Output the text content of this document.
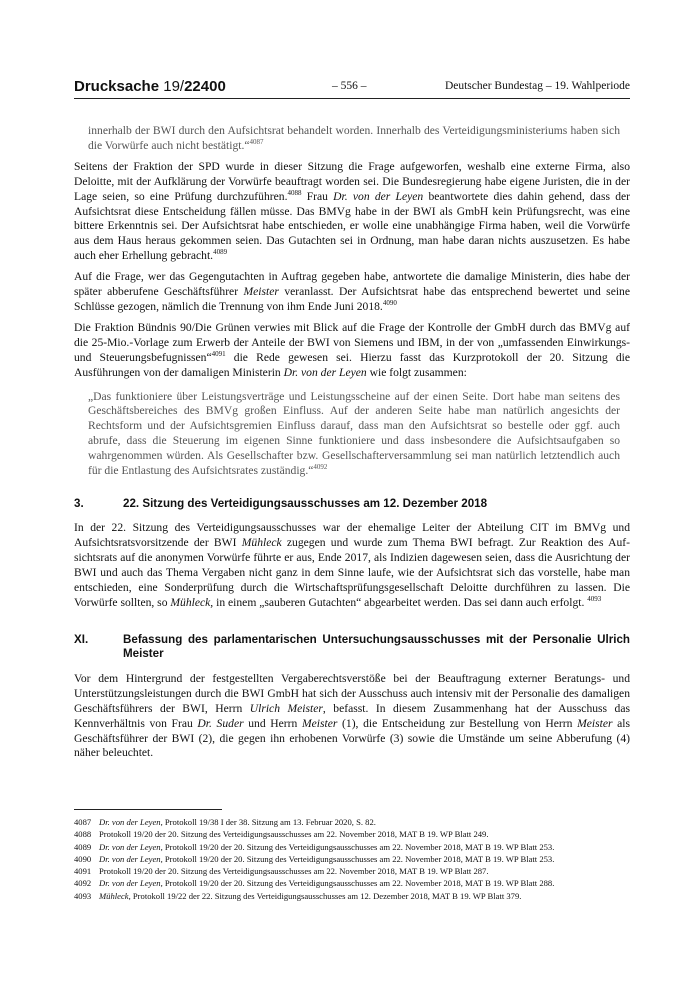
Drucksache 19/22400	– 556 –	Deutscher Bundestag – 19. Wahlperiode

innerhalb der BWI durch den Aufsichtsrat behandelt worden. Innerhalb des Verteidigungsministeriums haben sich die Vorwürfe auch nicht bestätigt.“$^{4087}$

Seitens der Fraktion der SPD wurde in dieser Sitzung die Frage aufgeworfen, weshalb eine externe Firma, also Deloitte, mit der Aufklärung der Vorwürfe beauftragt worden sei. Die Bundesregierung habe eigene Juristen, die in der Lage seien, so eine Prüfung durchzuführen.$^{4088}$ Frau Dr. von der Leyen beantwortete dies dahin gehend, dass der Aufsichtsrat diese Entscheidung fällen müsse. Das BMVg habe in der BWI als GmbH kein Prüfungsrecht, was eine bittere Erkenntnis sei. Der Aufsichtsrat habe entschieden, er wolle eine unabhängige Firma haben, weil die Vorwürfe aus dem Haus heraus gekommen seien. Das Gutachten sei in Ordnung, man habe daran nichts auszusetzen. Es habe auch eher Erhellung gebracht.$^{4089}$

Auf die Frage, wer das Gegengutachten in Auftrag gegeben habe, antwortete die damalige Ministerin, dies habe der später abberufene Geschäftsführer Meister veranlasst. Der Aufsichtsrat habe das entsprechend bewertet und seine Schlüsse gezogen, nämlich die Trennung von ihm Ende Juni 2018.$^{4090}$

Die Fraktion Bündnis 90/Die Grünen verwies mit Blick auf die Frage der Kontrolle der GmbH durch das BMVg auf die 25-Mio.-Vorlage zum Erwerb der Anteile der BWI von Siemens und IBM, in der von „umfassenden Einwirkungs- und Steuerungsbefugnissen“$^{4091}$ die Rede gewesen sei. Hierzu fasst das Kurzprotokoll der 20. Sitzung die Ausführungen von der damaligen Ministerin Dr. von der Leyen wie folgt zusammen:

„Das funktioniere über Leistungsverträge und Leistungsscheine auf der einen Seite. Dort habe man seitens des Geschäftsbereiches des BMVg großen Einfluss. Auf der anderen Seite habe man natürlich angesichts der Rechtsform und der Aufsichtsgremien Einfluss darauf, dass man den Aufsichtsrat so bestelle oder ggf. auch abrufe, dass die Steuerung im eigenen Sinne funktioniere und dass insbesondere die Aufsichtsaufgaben so wahrgenommen würden. Als Gesellschafter bzw. Gesellschafterversammlung sei man natürlich letztendlich auch für die Entlastung des Aufsichtsrates zuständig.“$^{4092}$

3.	22. Sitzung des Verteidigungsausschusses am 12. Dezember 2018

In der 22. Sitzung des Verteidigungsausschusses war der ehemalige Leiter der Abteilung CIT im BMVg und Aufsichtsratsvorsitzende der BWI Mühleck zugegen und wurde zum Thema BWI befragt. Zur Reaktion des Aufsichtsrats auf die anonymen Vorwürfe führte er aus, Ende 2017, als Indizien dagewesen seien, dass die Ausrichtung der BWI und auch das Thema Vergaben nicht ganz in dem Sinne laufe, wie der Aufsichtsrat sich das vorstelle, habe man entschieden, eine Sonderprüfung durch die Wirtschaftsprüfungsgesellschaft Deloitte durchführen zu lassen. Die Vorwürfe sollten, so Mühleck, in einem „sauberen Gutachten“ abgearbeitet werden. Das sei dann auch erfolgt. $^{4093}$

XI.	Befassung des parlamentarischen Untersuchungsausschusses mit der Personalie Ulrich Meister

Vor dem Hintergrund der festgestellten Vergaberechtsverstöße bei der Beauftragung externer Beratungs- und Unterstützungsleistungen durch die BWI GmbH hat sich der Ausschuss auch intensiv mit der Personalie des damaligen Geschäftsführers der BWI, Herrn Ulrich Meister, befasst. In diesem Zusammenhang hat der Ausschuss das Kennverhältnis von Frau Dr. Suder und Herrn Meister (1), die Entscheidung zur Bestellung von Herrn Meister als Geschäftsführer der BWI (2), die gegen ihn erhobenen Vorwürfe (3) sowie die Umstände um seine Abberufung (4) näher beleuchtet.

4087 Dr. von der Leyen, Protokoll 19/38 I der 38. Sitzung am 13. Februar 2020, S. 82.
4088 Protokoll 19/20 der 20. Sitzung des Verteidigungsausschusses am 22. November 2018, MAT B 19. WP Blatt 249.
4089 Dr. von der Leyen, Protokoll 19/20 der 20. Sitzung des Verteidigungsausschusses am 22. November 2018, MAT B 19. WP Blatt 253.
4090 Dr. von der Leyen, Protokoll 19/20 der 20. Sitzung des Verteidigungsausschusses am 22. November 2018, MAT B 19. WP Blatt 253.
4091 Protokoll 19/20 der 20. Sitzung des Verteidigungsausschusses am 22. November 2018, MAT B 19. WP Blatt 287.
4092 Dr. von der Leyen, Protokoll 19/20 der 20. Sitzung des Verteidigungsausschusses am 22. November 2018, MAT B 19. WP Blatt 288.
4093 Mühleck, Protokoll 19/22 der 22. Sitzung des Verteidigungsausschusses am 12. Dezember 2018, MAT B 19. WP Blatt 379.
